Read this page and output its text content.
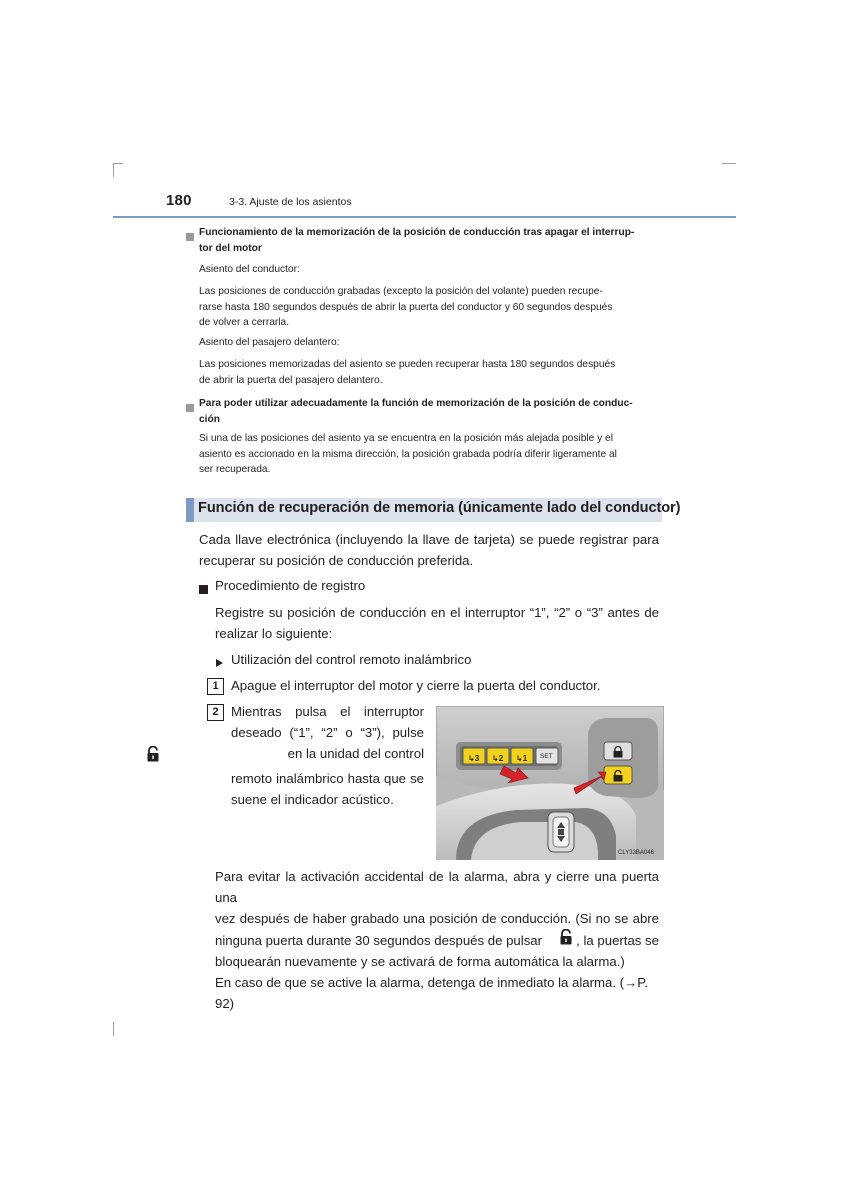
180	3-3. Ajuste de los asientos
Funcionamiento de la memorización de la posición de conducción tras apagar el interrup-
tor del motor
Asiento del conductor:
Las posiciones de conducción grabadas (excepto la posición del volante) pueden recupe-
rarse hasta 180 segundos después de abrir la puerta del conductor y 60 segundos después
de volver a cerrarla.
Asiento del pasajero delantero:
Las posiciones memorizadas del asiento se pueden recuperar hasta 180 segundos después
de abrir la puerta del pasajero delantero.
Para poder utilizar adecuadamente la función de memorización de la posición de conduc-
ción
Si una de las posiciones del asiento ya se encuentra en la posición más alejada posible y el
asiento es accionado en la misma dirección, la posición grabada podría diferir ligeramente al
ser recuperada.
Función de recuperación de memoria (únicamente lado del conductor)
Cada llave electrónica (incluyendo la llave de tarjeta) se puede registrar para
recuperar su posición de conducción preferida.
Procedimiento de registro
Registre su posición de conducción en el interruptor “1”, “2” o “3” antes de
realizar lo siguiente:
Utilización del control remoto inalámbrico
1 Apague el interruptor del motor y cierre la puerta del conductor.
2 Mientras pulsa el interruptor
deseado (“1”, “2” o “3”), pulse
en la unidad del control
remoto inalámbrico hasta que se
suene el indicador acústico.
↳3 ↳2 ↳1 SET
CLY33BA046
Para evitar la activación accidental de la alarma, abra y cierre una puerta una
vez después de haber grabado una posición de conducción. (Si no se abre
ninguna puerta durante 30 segundos después de pulsar	, la puertas se
bloquearán nuevamente y se activará de forma automática la alarma.)
En caso de que se active la alarma, detenga de inmediato la alarma. (→P. 92)
